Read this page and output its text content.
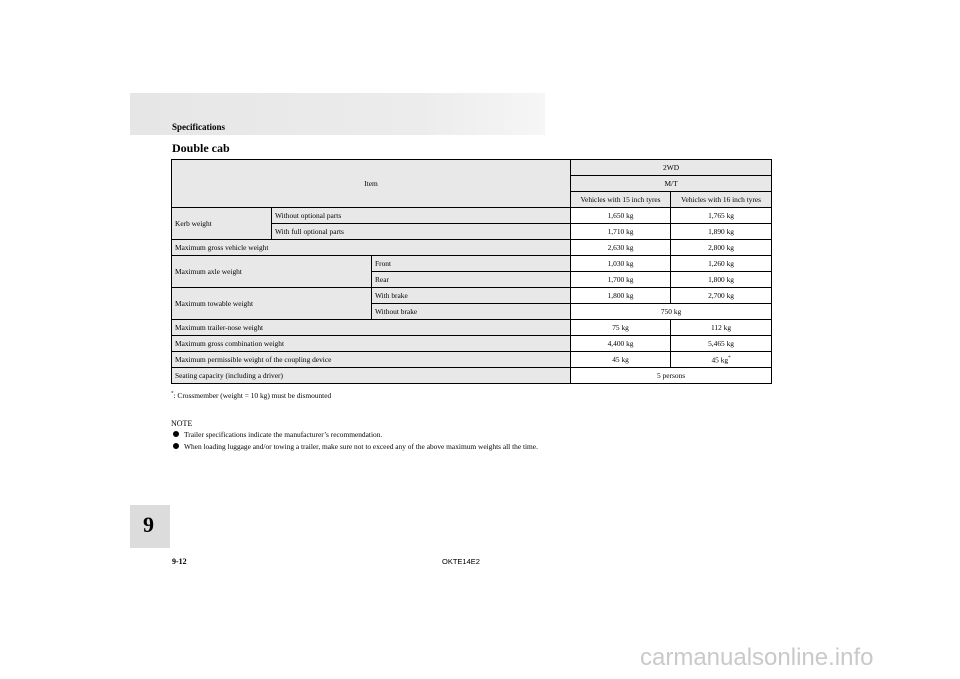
Specifications
Double cab
Item			2WD	
			M/T	
			Vehicles with 15 inch tyres	Vehicles with 16 inch tyres
Kerb weight	Without optional parts		1,650 kg	1,765 kg
	With full optional parts		1,710 kg	1,890 kg
Maximum gross vehicle weight			2,630 kg	2,800 kg
Maximum axle weight		Front	1,030 kg	1,260 kg
		Rear	1,700 kg	1,800 kg
Maximum towable weight		With brake	1,800 kg	2,700 kg
		Without brake	750 kg	
Maximum trailer-nose weight			75 kg	112 kg
Maximum gross combination weight			4,400 kg	5,465 kg
Maximum permissible weight of the coupling device			45 kg	45 kg*
Seating capacity (including a driver)			5 persons	
*: Crossmember (weight = 10 kg) must be dismounted
NOTE
Trailer specifications indicate the manufacturer’s recommendation.
When loading luggage and/or towing a trailer, make sure not to exceed any of the above maximum weights all the time.
9
9-12	OKTE14E2
carmanualsonline.info
